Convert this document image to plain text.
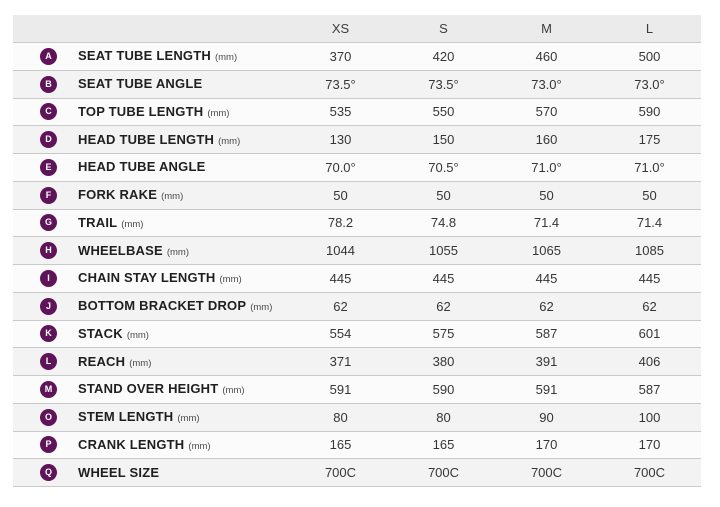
XS	S	M	L
A SEAT TUBE LENGTH (mm)	370	420	460	500
B SEAT TUBE ANGLE	73.5°	73.5°	73.0°	73.0°
C TOP TUBE LENGTH (mm)	535	550	570	590
D HEAD TUBE LENGTH (mm)	130	150	160	175
E HEAD TUBE ANGLE	70.0°	70.5°	71.0°	71.0°
F FORK RAKE (mm)	50	50	50	50
G TRAIL (mm)	78.2	74.8	71.4	71.4
H WHEELBASE (mm)	1044	1055	1065	1085
I CHAIN STAY LENGTH (mm)	445	445	445	445
J BOTTOM BRACKET DROP (mm)	62	62	62	62
K STACK (mm)	554	575	587	601
L REACH (mm)	371	380	391	406
M STAND OVER HEIGHT (mm)	591	590	591	587
O STEM LENGTH (mm)	80	80	90	100
P CRANK LENGTH (mm)	165	165	170	170
Q WHEEL SIZE	700C	700C	700C	700C
